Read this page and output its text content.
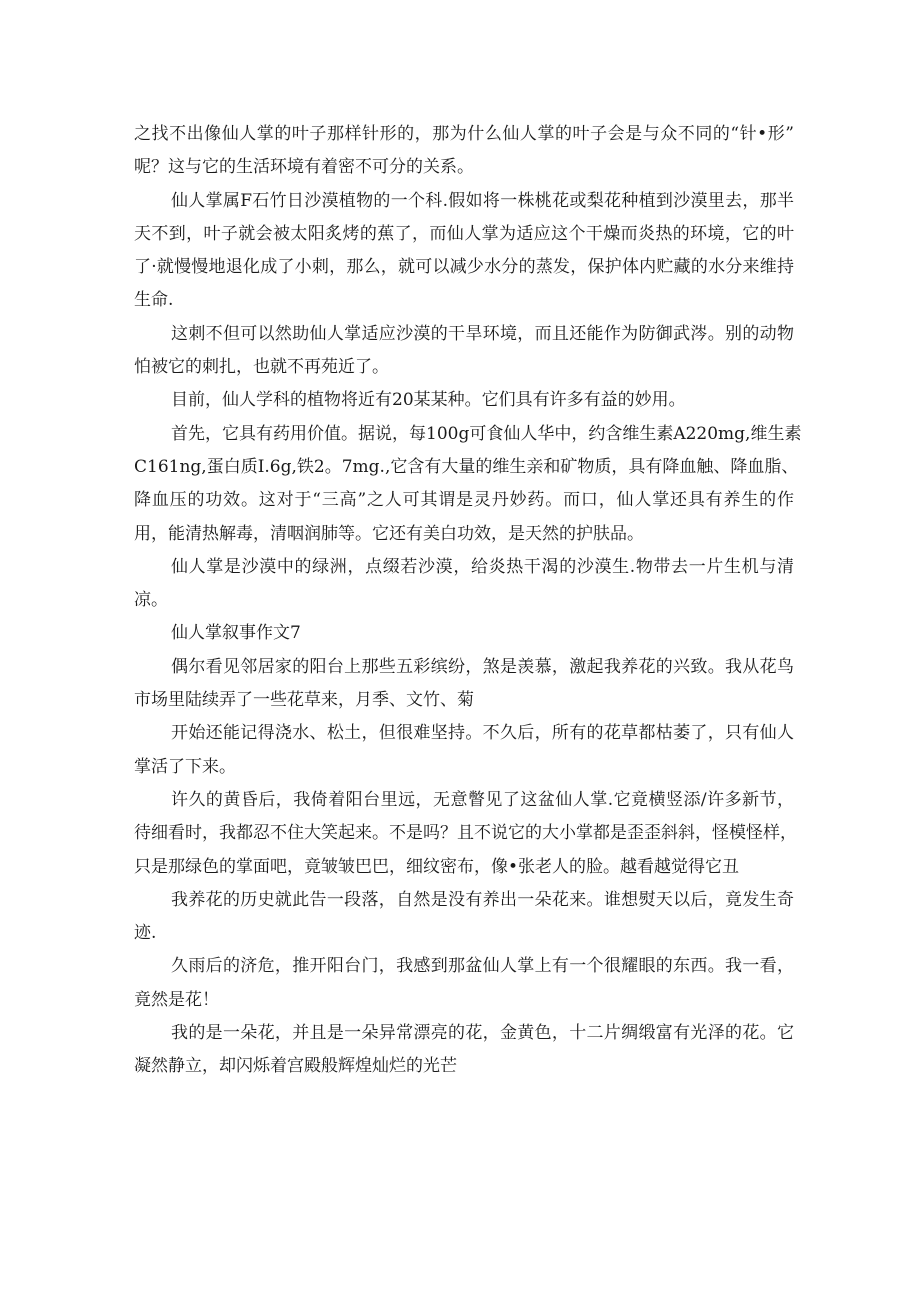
之找不出像仙人掌的叶子那样针形的，那为什么仙人掌的叶子会是与众不同的“针•形”
呢？这与它的生活环境有着密不可分的关系。
仙人掌属F石竹日沙漠植物的一个科.假如将一株桃花或梨花种植到沙漠里去，那半
天不到，叶子就会被太阳炙烤的蕉了，而仙人掌为适应这个干燥而炎热的环境，它的叶
了·就慢慢地退化成了小刺，那么，就可以减少水分的蒸发，保护体内贮藏的水分来维持
生命.
这刺不但可以然助仙人掌适应沙漠的干旱环境，而且还能作为防御武涔。别的动物
怕被它的刺扎，也就不再苑近了。
目前，仙人学科的植物将近有20某某种。它们具有许多有益的妙用。
首先，它具有药用价值。据说，每100g可食仙人华中，约含维生素A220mg,维生素
C161ng,蛋白质I.6g,铁2。7mg.,它含有大量的维生亲和矿物质，具有降血触、降血脂、
降血压的功效。这对于“三高”之人可其谓是灵丹妙药。而口，仙人掌还具有养生的作
用，能清热解毒，清咽润肺等。它还有美白功效，是天然的护肤品。
仙人掌是沙漠中的绿洲，点缀若沙漠，给炎热干渴的沙漠生.物带去一片生机与清
凉。
仙人掌叙事作文7
偶尔看见邻居家的阳台上那些五彩缤纷，煞是羡慕，激起我养花的兴致。我从花鸟
市场里陆续弄了一些花草来，月季、文竹、菊
开始还能记得浇水、松土，但很难坚持。不久后，所有的花草都枯萎了，只有仙人
掌活了下来。
许久的黄昏后，我倚着阳台里远，无意瞥见了这盆仙人掌.它竟横竖添/许多新节，
待细看时，我都忍不住大笑起来。不是吗？且不说它的大小掌都是歪歪斜斜，怪模怪样，
只是那绿色的掌面吧，竟皱皱巴巴，细纹密布，像•张老人的脸。越看越觉得它丑
我养花的历史就此告一段落，自然是没有养出一朵花来。谁想熨天以后，竟发生奇
迹.
久雨后的济危，推开阳台门，我感到那盆仙人掌上有一个很耀眼的东西。我一看，
竟然是花！
我的是一朵花，并且是一朵异常漂亮的花，金黄色，十二片绸缎富有光泽的花。它
凝然静立，却闪烁着宫殿般辉煌灿烂的光芒
